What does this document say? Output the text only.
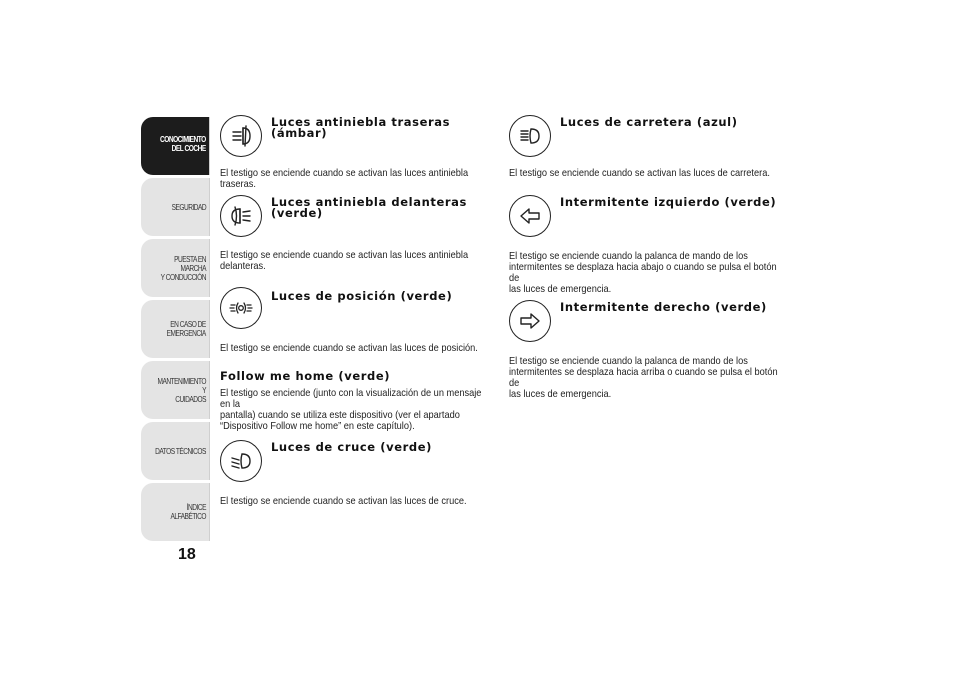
CONOCIMIENTO
DEL COCHE
SEGURIDAD
PUESTA EN MARCHA
Y CONDUCCIÓN
EN CASO DE
EMERGENCIA
MANTENIMIENTO Y
CUIDADOS
DATOS TÉCNICOS
ÍNDICE ALFABÉTICO
18
Luces antiniebla traseras
(ámbar)

El testigo se enciende cuando se activan las luces antiniebla traseras.

Luces antiniebla delanteras
(verde)

El testigo se enciende cuando se activan las luces antiniebla
delanteras.

Luces de posición (verde)

El testigo se enciende cuando se activan las luces de posición.

Follow me home (verde)

El testigo se enciende (junto con la visualización de un mensaje en la
pantalla) cuando se utiliza este dispositivo (ver el apartado
“Dispositivo Follow me home” en este capítulo).

Luces de cruce (verde)

El testigo se enciende cuando se activan las luces de cruce.

Luces de carretera (azul)

El testigo se enciende cuando se activan las luces de carretera.

Intermitente izquierdo (verde)

El testigo se enciende cuando la palanca de mando de los
intermitentes se desplaza hacia abajo o cuando se pulsa el botón de
las luces de emergencia.

Intermitente derecho (verde)

El testigo se enciende cuando la palanca de mando de los
intermitentes se desplaza hacia arriba o cuando se pulsa el botón de
las luces de emergencia.
